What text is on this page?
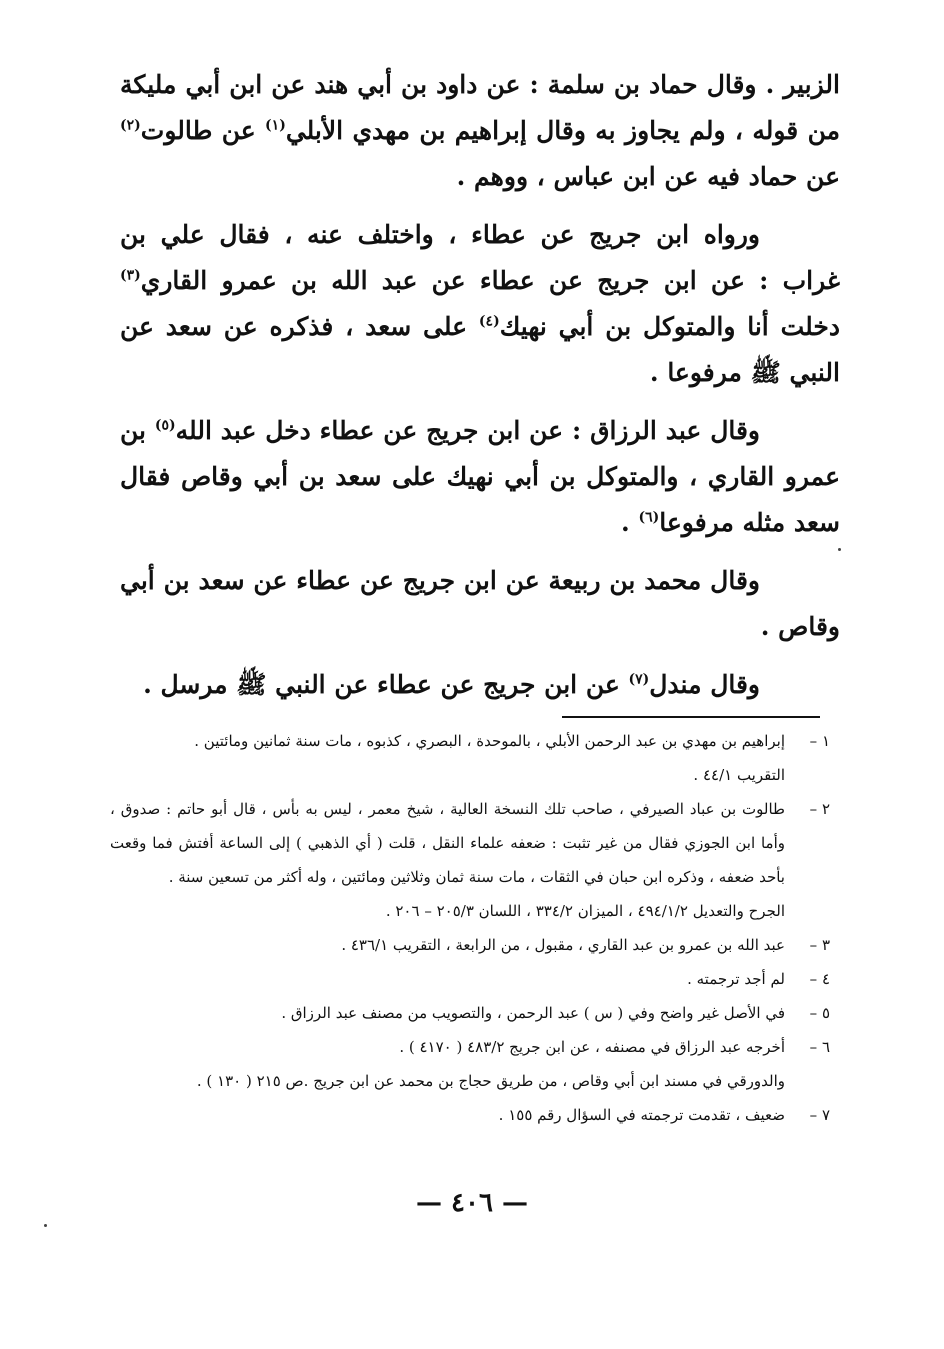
الزبير . وقال حماد بن سلمة : عن داود بن أبي هند عن ابن أبي مليكة من قوله ، ولم يجاوز به وقال إبراهيم بن مهدي الأبلي$^{(١)}$ عن طالوت$^{(٢)}$ عن حماد فيه عن ابن عباس ، ووهم .

ورواه ابن جريج عن عطاء ، واختلف عنه ، فقال علي بن غراب : عن ابن جريج عن عطاء عن عبد الله بن عمرو القاري$^{(٣)}$ دخلت أنا والمتوكل بن أبي نهيك$^{(٤)}$ على سعد ، فذكره عن سعد عن النبي ﷺ مرفوعا .

وقال عبد الرزاق : عن ابن جريج عن عطاء دخل عبد الله$^{(٥)}$ بن عمرو القاري ، والمتوكل بن أبي نهيك على سعد بن أبي وقاص فقال سعد مثله مرفوعا$^{(٦)}$ .

وقال محمد بن ربيعة عن ابن جريج عن عطاء عن سعد بن أبي وقاص .

وقال مندل$^{(٧)}$ عن ابن جريج عن عطاء عن النبي ﷺ مرسل .

١ –
إبراهيم بن مهدي بن عبد الرحمن الأبلي ، بالموحدة ، البصري ، كذبوه ، مات سنة ثمانين ومائتين .
التقريب ٤٤/١ .
٢ –
طالوت بن عباد الصيرفي ، صاحب تلك النسخة العالية ، شيخ معمر ، ليس به بأس ، قال أبو حاتم : صدوق ، وأما ابن الجوزي فقال من غير تثبت : ضعفه علماء النقل ، قلت ( أي الذهبي ) إلى الساعة أفتش فما وقعت بأحد ضعفه ، وذكره ابن حبان في الثقات ، مات سنة ثمان وثلاثين ومائتين ، وله أكثر من تسعين سنة .
الجرح والتعديل ٤٩٤/١/٢ ، الميزان ٣٣٤/٢ ، اللسان ٢٠٥/٣ – ٢٠٦ .
٣ –
عبد الله بن عمرو بن عبد القاري ، مقبول ، من الرابعة ، التقريب ٤٣٦/١ .
٤ –
لم أجد ترجمته .
٥ –
في الأصل غير واضح وفي ( س ) عبد الرحمن ، والتصويب من مصنف عبد الرزاق .
٦ –
أخرجه عبد الرزاق في مصنفه ، عن ابن جريج ٤٨٣/٢ ( ٤١٧٠ ) .
والدورقي في مسند ابن أبي وقاص ، من طريق حجاج بن محمد عن ابن جريج .ص ٢١٥ ( ١٣٠ ) .
٧ –
ضعيف ، تقدمت ترجمته في السؤال رقم ١٥٥ .
— ٤٠٦ —
